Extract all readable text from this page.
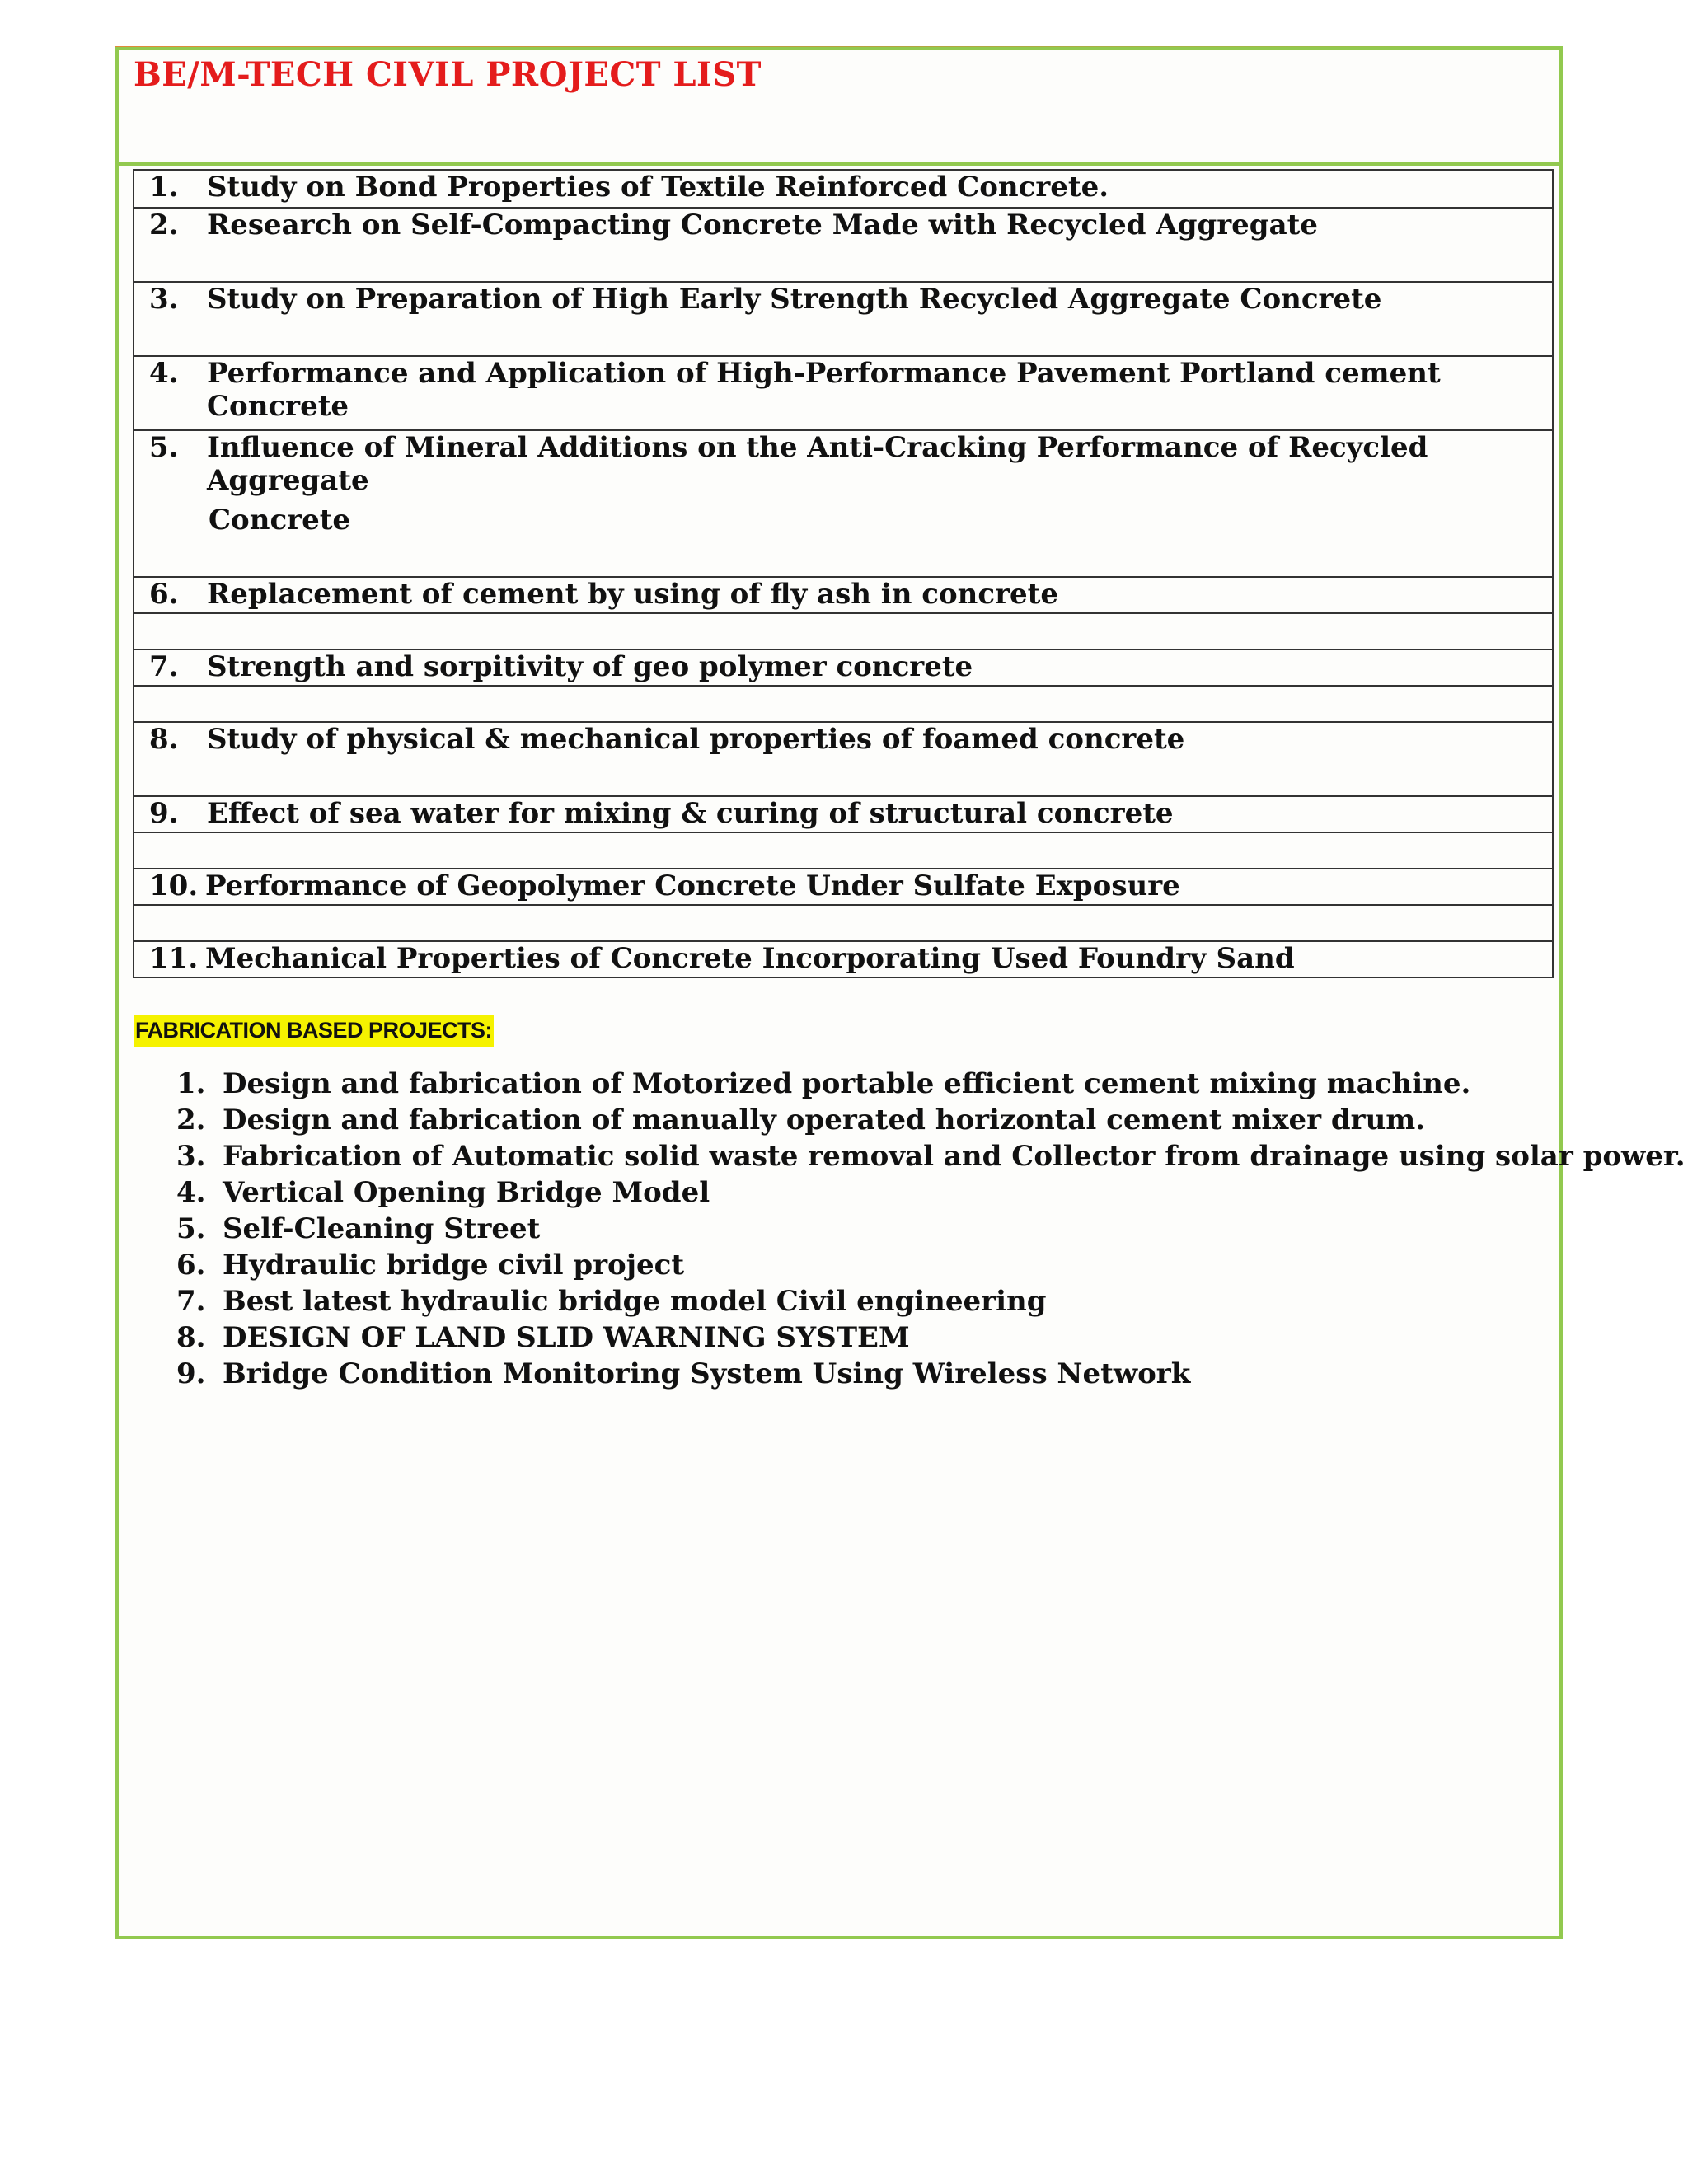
BE/M-TECH CIVIL PROJECT LIST
1. Study on Bond Properties of Textile Reinforced Concrete.
2. Research on Self-Compacting Concrete Made with Recycled Aggregate
3. Study on Preparation of High Early Strength Recycled Aggregate Concrete
4. Performance and Application of High-Performance Pavement Portland cement Concrete
5. Influence of Mineral Additions on the Anti-Cracking Performance of Recycled Aggregate
Concrete
6. Replacement of cement by using of fly ash in concrete
7. Strength and sorpitivity of geo polymer concrete
8. Study of physical & mechanical properties of foamed concrete
9. Effect of sea water for mixing & curing of structural concrete
10. Performance of Geopolymer Concrete Under Sulfate Exposure
11. Mechanical Properties of Concrete Incorporating Used Foundry Sand
FABRICATION BASED PROJECTS:
1. Design and fabrication of Motorized portable efficient cement mixing machine.
2. Design and fabrication of manually operated horizontal cement mixer drum.
3. Fabrication of Automatic solid waste removal and Collector from drainage using solar power.
4. Vertical Opening Bridge Model
5. Self-Cleaning Street
6. Hydraulic bridge civil project
7. Best latest hydraulic bridge model Civil engineering
8. DESIGN OF LAND SLID WARNING SYSTEM
9. Bridge Condition Monitoring System Using Wireless Network
